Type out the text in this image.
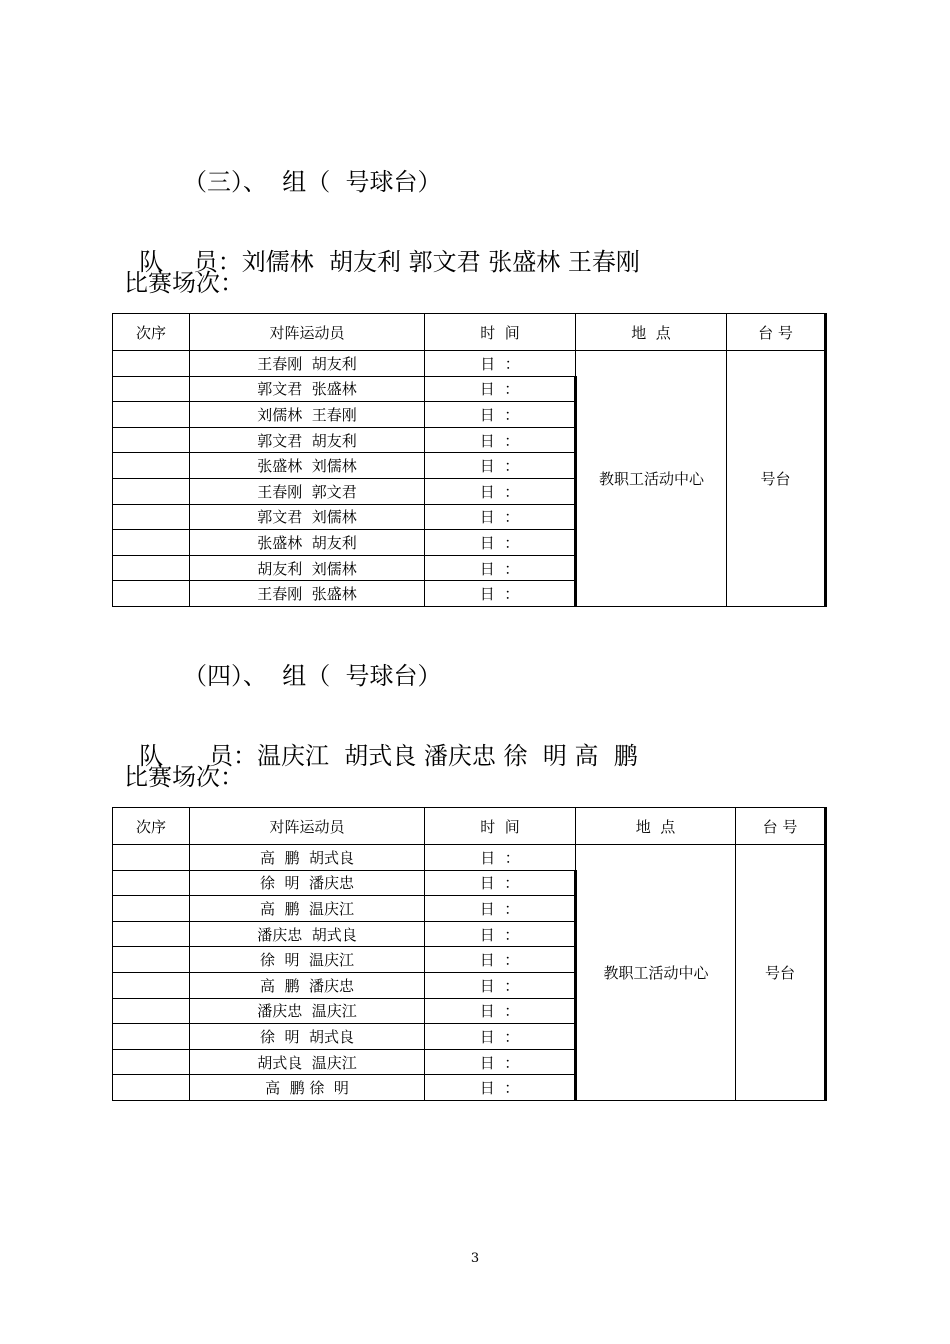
（三）、  组（  号球台）

队    员：刘儒林  胡友利 郭文君 张盛林 王春刚

比赛场次：
次序	对阵运动员	时  间	地  点	台 号
	王春刚  胡友利	日  ：	教职工活动中心	号台
	郭文君  张盛林	日  ：		
	刘儒林  王春刚	日  ：		
	郭文君  胡友利	日  ：		
	张盛林  刘儒林	日  ：		
	王春刚  郭文君	日  ：		
	郭文君  刘儒林	日  ：		
	张盛林  胡友利	日  ：		
	胡友利  刘儒林	日  ：		
	王春刚  张盛林	日  ：		
（四）、  组（  号球台）

队      员：温庆江  胡式良 潘庆忠 徐  明 高  鹏

比赛场次：
次序	对阵运动员	时  间	地  点	台 号
	高  鹏  胡式良	日  ：	教职工活动中心	号台
	徐  明  潘庆忠	日  ：		
	高  鹏  温庆江	日  ：		
	潘庆忠  胡式良	日  ：		
	徐  明  温庆江	日  ：		
	高  鹏  潘庆忠	日  ：		
	潘庆忠  温庆江	日  ：		
	徐  明  胡式良	日  ：		
	胡式良  温庆江	日  ：		
	高  鹏 徐  明	日  ：		
3
